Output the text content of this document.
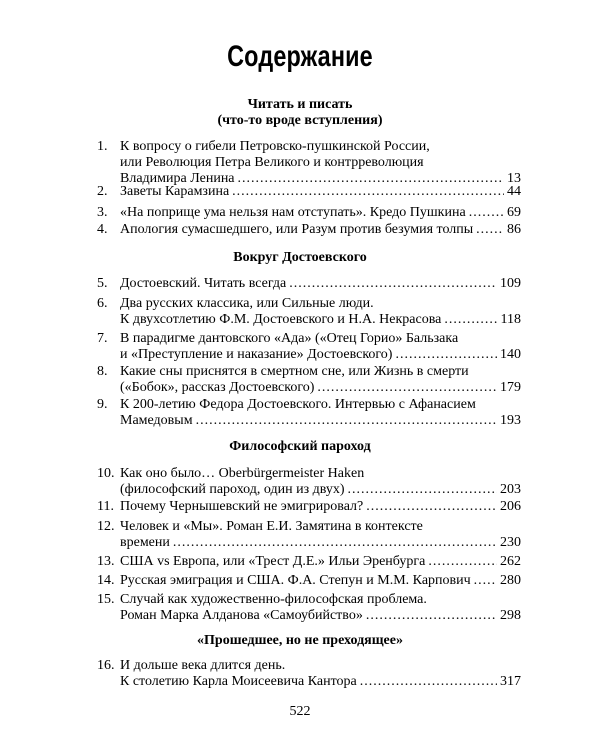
Содержание
Читать и писать
(что-то вроде вступления)
1. К вопросу о гибели Петровско-пушкинской России,
или Революция Петра Великого и контрреволюция
Владимира Ленина .....	13
2. Заветы Карамзина .....	44
3. «На поприще ума нельзя нам отступать». Кредо Пушкина .....	69
4. Апология сумасшедшего, или Разум против безумия толпы ..... 86
Вокруг Достоевского
5. Достоевский. Читать всегда .....	109
6. Два русских классика, или Сильные люди.
К двухсотлетию Ф.М. Достоевского и Н.А. Некрасова .....	118
7. В парадигме дантовского «Ада» («Отец Горио» Бальзака
и «Преступление и наказание» Достоевского) .....	140
8. Какие сны приснятся в смертном сне, или Жизнь в смерти
(«Бобок», рассказ Достоевского) .....	179
9. К 200-летию Федора Достоевского. Интервью с Афанасием
Мамедовым .....	193
Философский пароход
10. Как оно было… Oberbürgermeister Haken
(философский пароход, один из двух) .....	203
11. Почему Чернышевский не эмигрировал? .....	206
12. Человек и «Мы». Роман Е.И. Замятина в контексте
времени .....	230
13. США vs Европа, или «Трест Д.Е.» Ильи Эренбурга .....	262
14. Русская эмиграция и США. Ф.А. Степун и М.М. Карпович ..... 280
15. Случай как художественно-философская проблема.
Роман Марка Алданова «Самоубийство» .....	298
«Прошедшее, но не преходящее»
16. И дольше века длится день.
К столетию Карла Моисеевича Кантора .....	317
522
